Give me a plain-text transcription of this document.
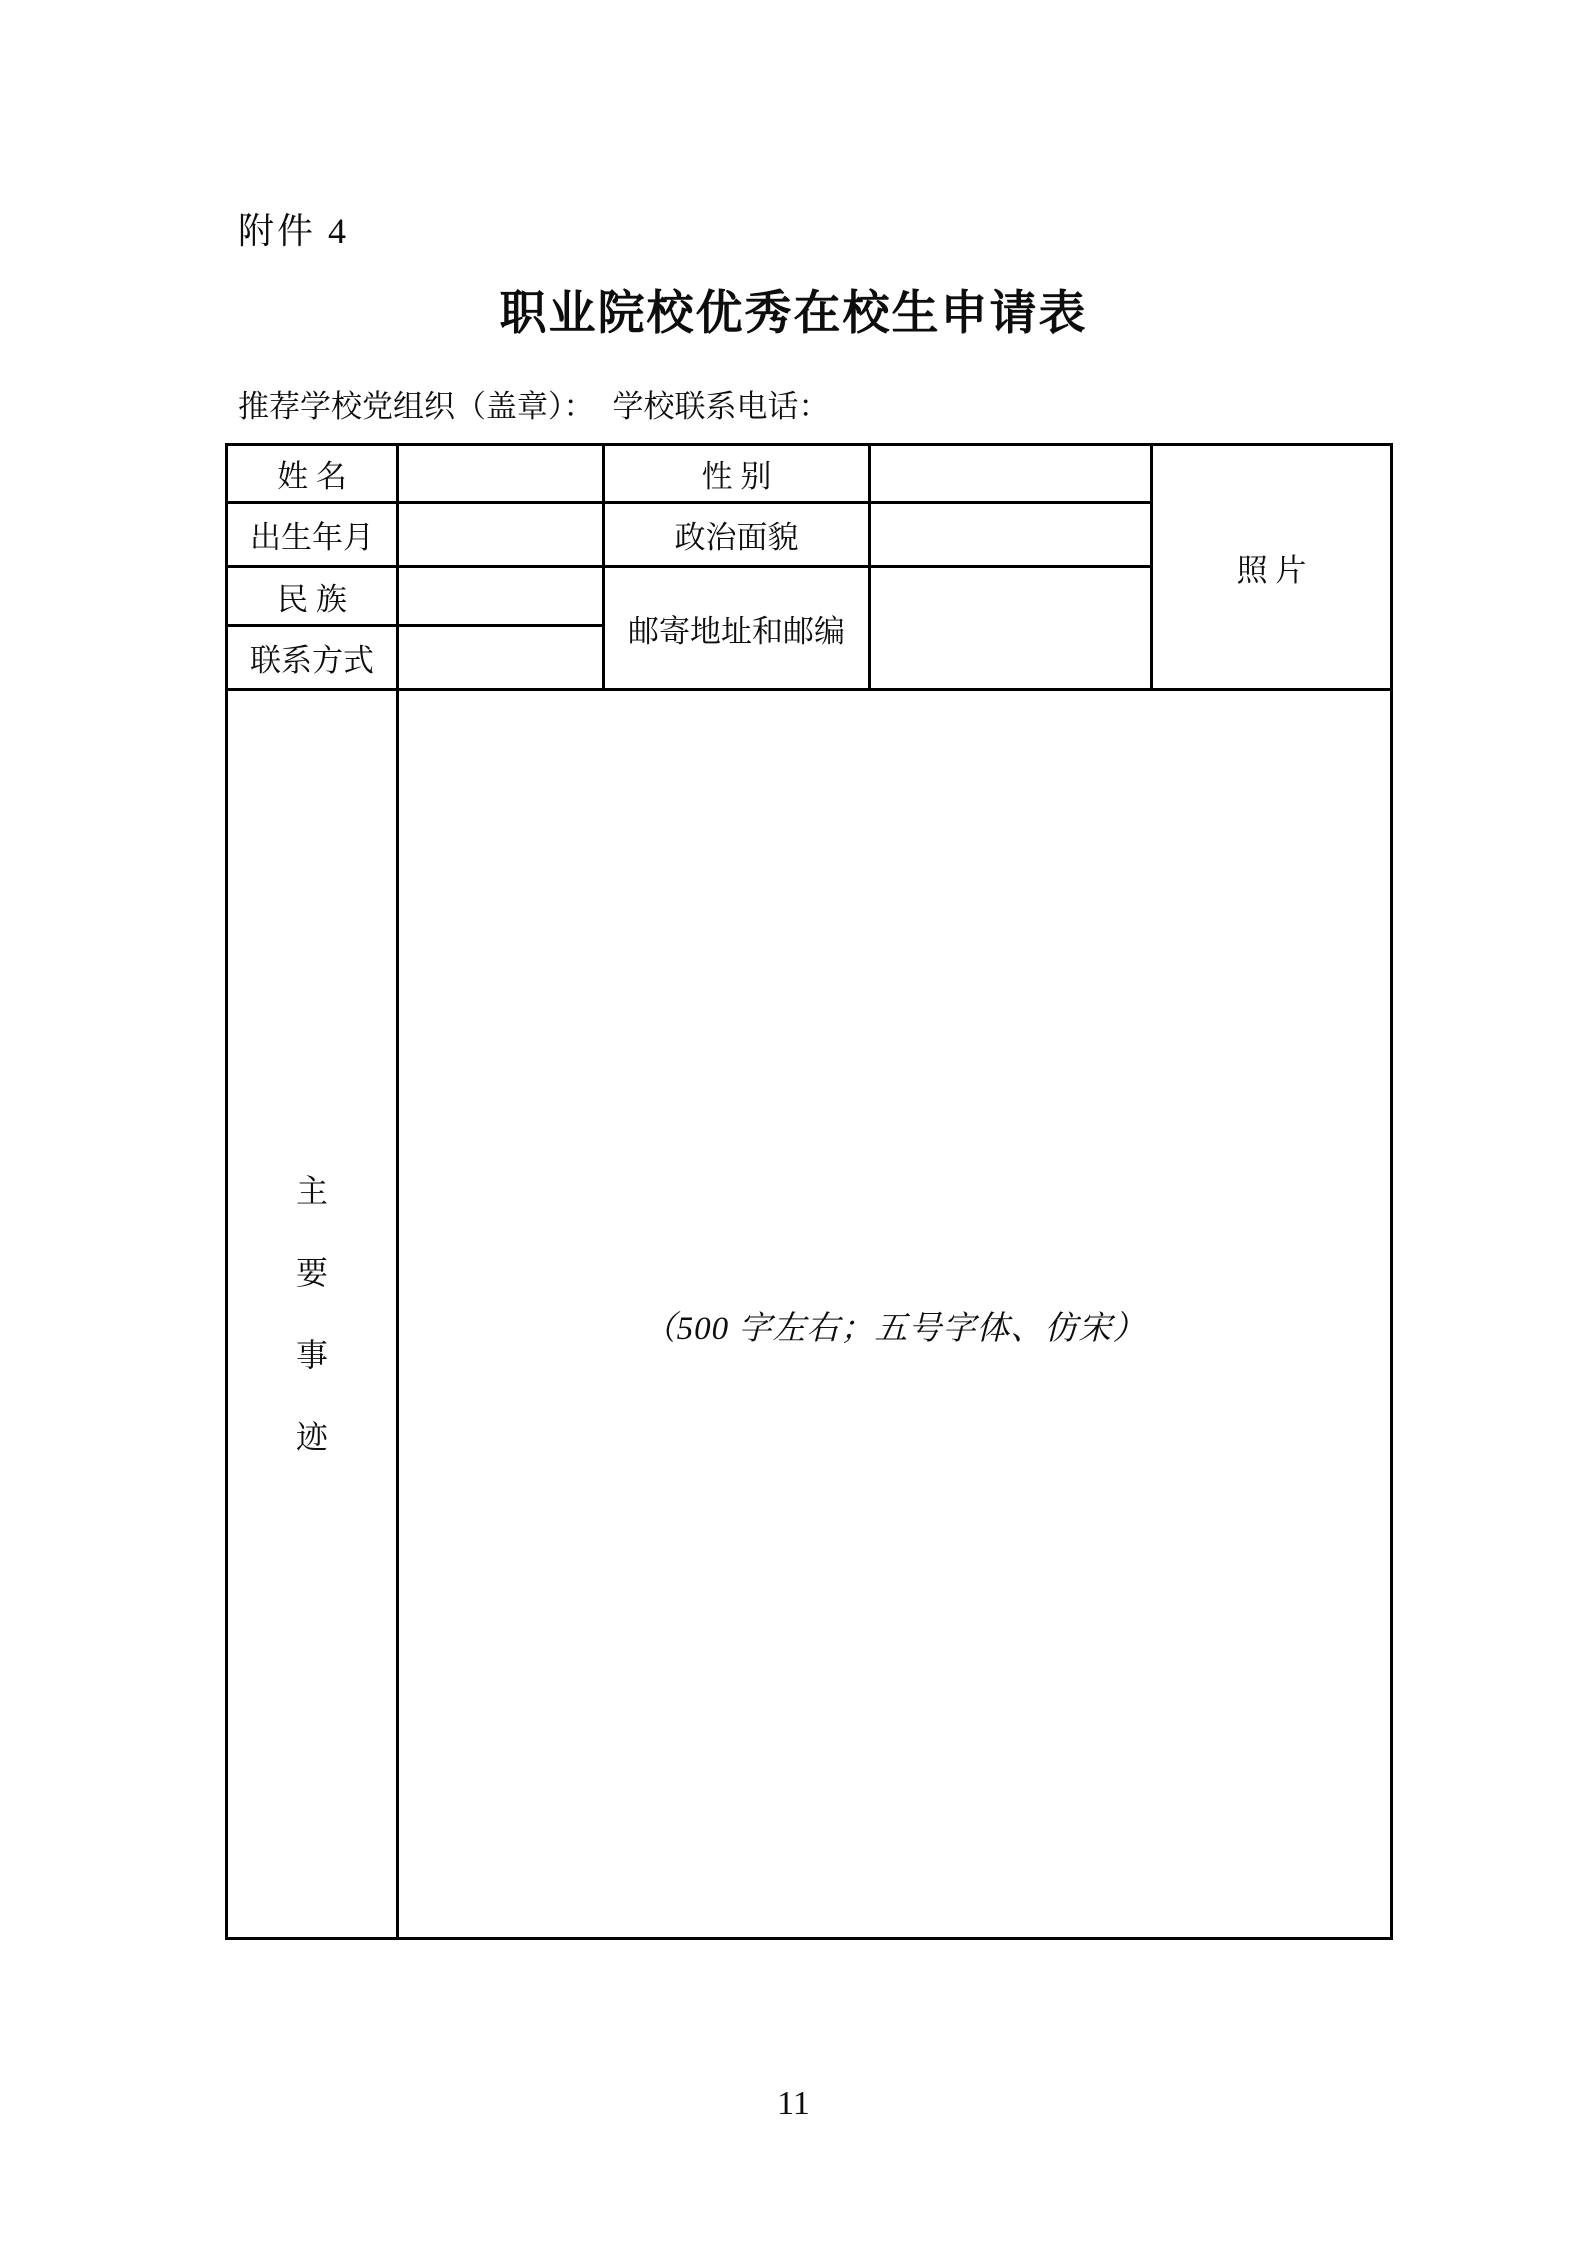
附件 4
职业院校优秀在校生申请表
推荐学校党组织（盖章）： 学校联系电话：
姓 名		性 别		照 片
出生年月		政治面貌		
民 族		邮寄地址和邮编		
联系方式				

主
要
事
迹	（500 字左右；五号字体、仿宋）			
11
